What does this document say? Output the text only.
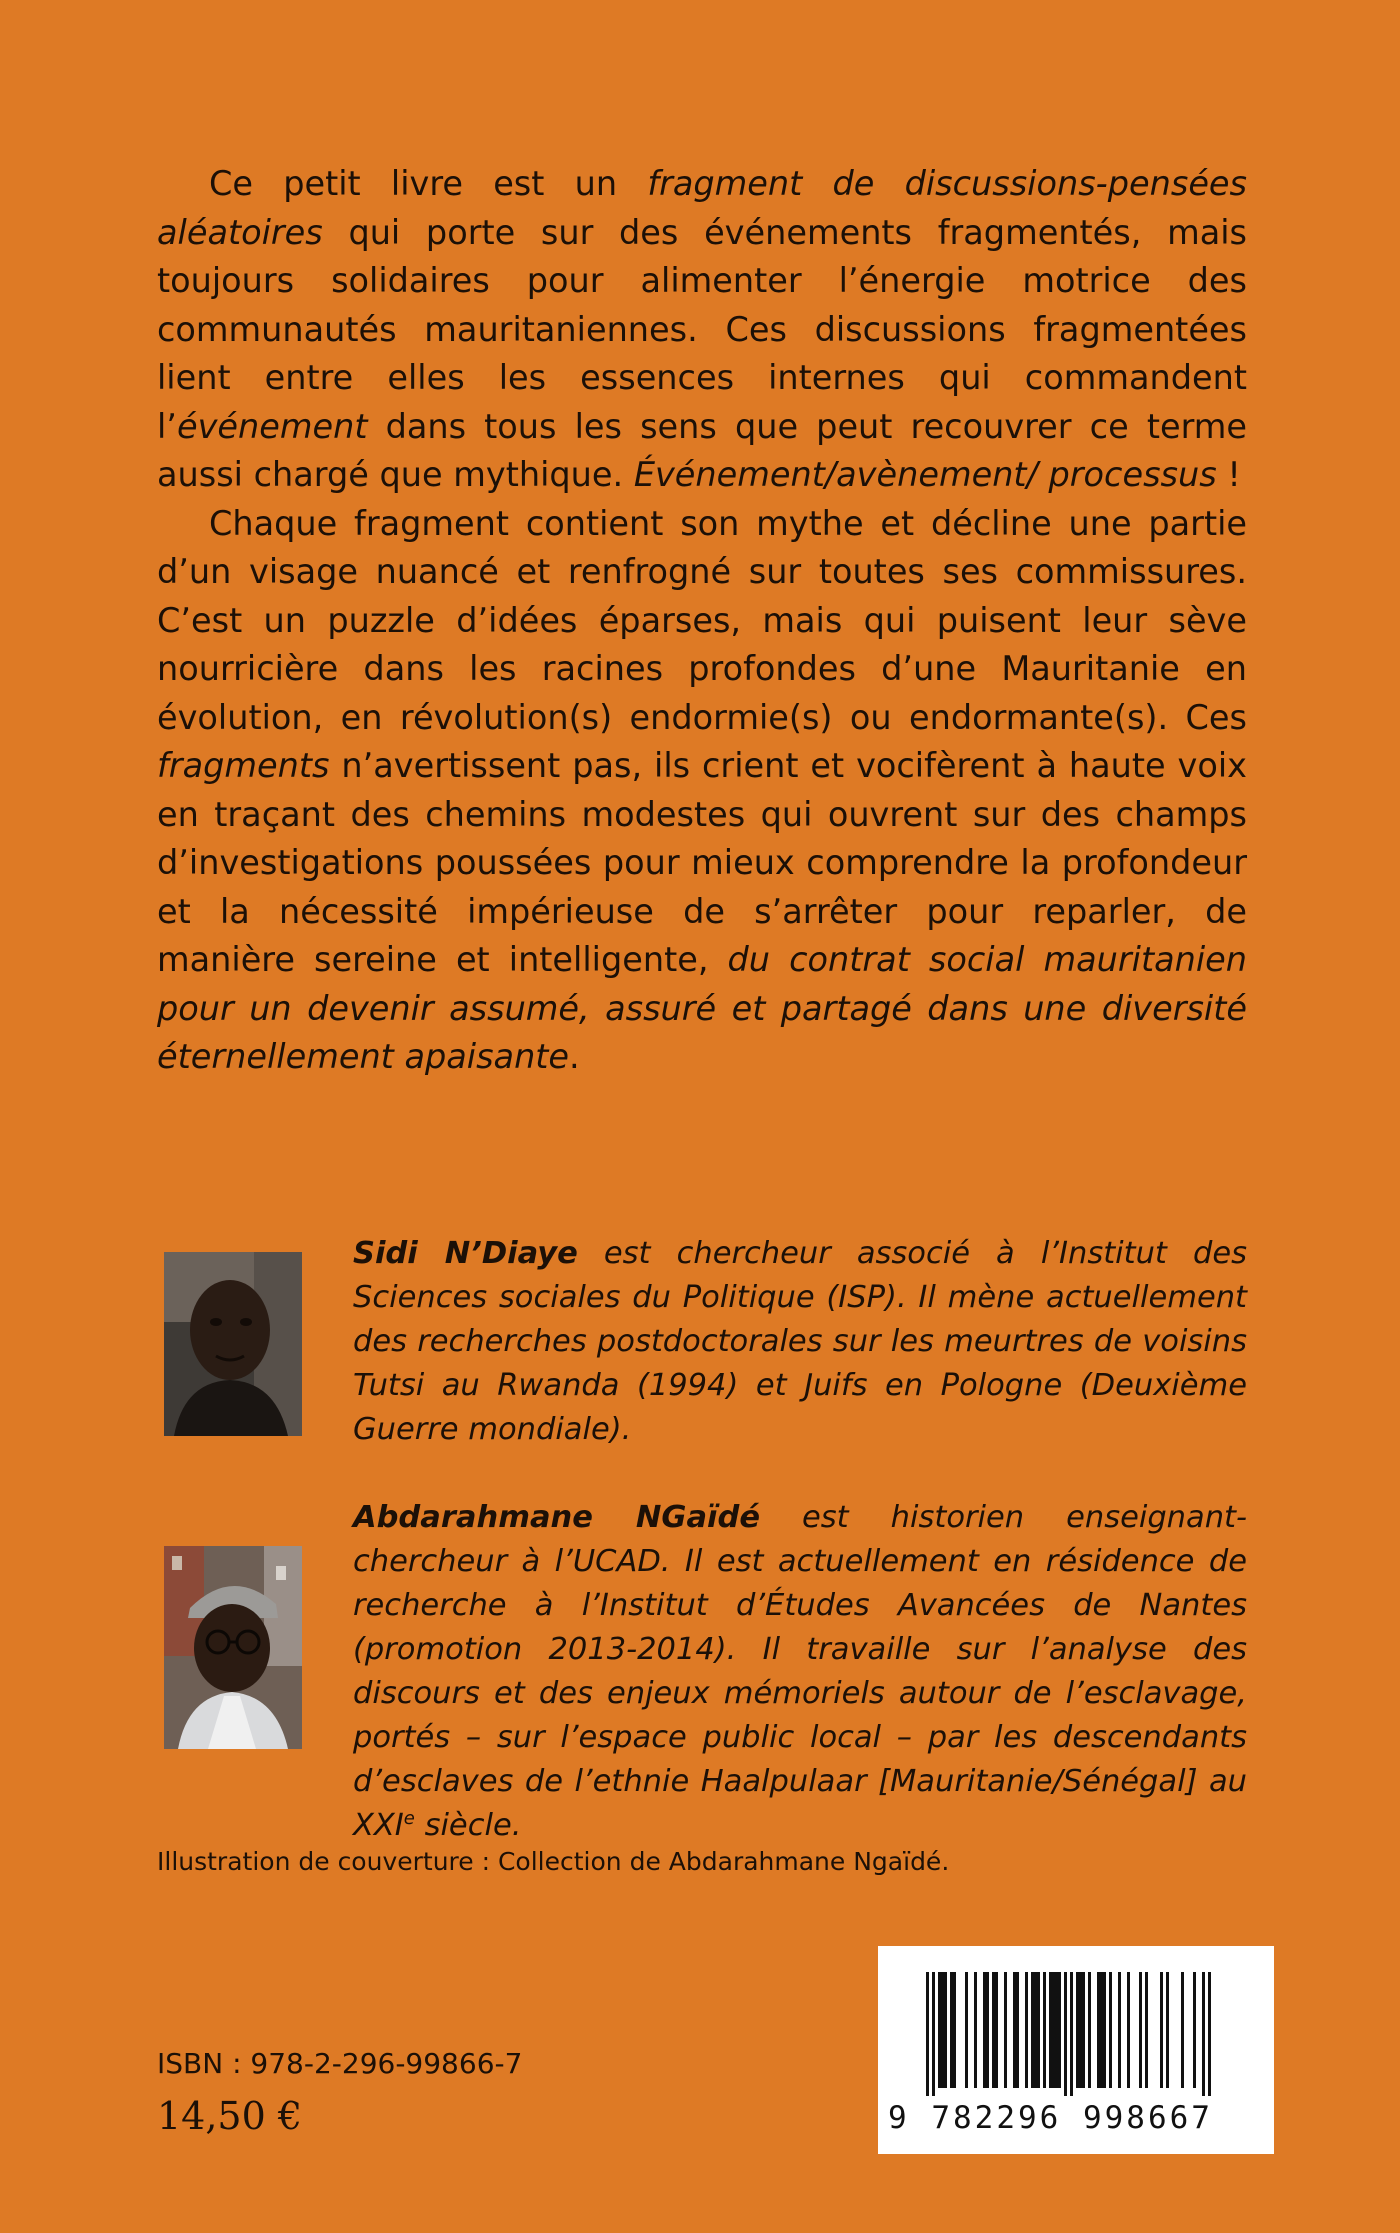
Ce petit livre est un fragment de discussions-pensées aléatoires qui porte sur des événements fragmentés, mais toujours solidaires pour alimenter l’énergie motrice des communautés mauritaniennes. Ces discussions fragmentées lient entre elles les essences internes qui commandent l’événement dans tous les sens que peut recouvrer ce terme aussi chargé que mythique. Événement/avènement/ processus !

Chaque fragment contient son mythe et décline une partie d’un visage nuancé et renfrogné sur toutes ses commissures. C’est un puzzle d’idées éparses, mais qui puisent leur sève nourricière dans les racines profondes d’une Mauritanie en évolution, en révolution(s) endormie(s) ou endormante(s). Ces fragments n’avertissent pas, ils crient et vocifèrent à haute voix en traçant des chemins modestes qui ouvrent sur des champs d’investigations poussées pour mieux comprendre la profondeur et la nécessité impérieuse de s’arrêter pour reparler, de manière sereine et intelligente, du contrat social mauritanien pour un devenir assumé, assuré et partagé dans une diversité éternellement apaisante.

Sidi N’Diaye est chercheur associé à l’Institut des Sciences sociales du Politique (ISP). Il mène actuellement des recherches postdoctorales sur les meurtres de voisins Tutsi au Rwanda (1994) et Juifs en Pologne (Deuxième Guerre mondiale).
Abdarahmane NGaïdé est historien enseignant-chercheur à l’UCAD. Il est actuellement en résidence de recherche à l’Institut d’Études Avancées de Nantes (promotion 2013-2014). Il travaille sur l’analyse des discours et des enjeux mémoriels autour de l’esclavage, portés – sur l’espace public local – par les descendants d’esclaves de l’ethnie Haalpulaar [Mauritanie/Sénégal] au XXIe siècle.
Illustration de couverture : Collection de Abdarahmane Ngaïdé.
ISBN : 978-2-296-99866-7
14,50 €	9 782296 998667
